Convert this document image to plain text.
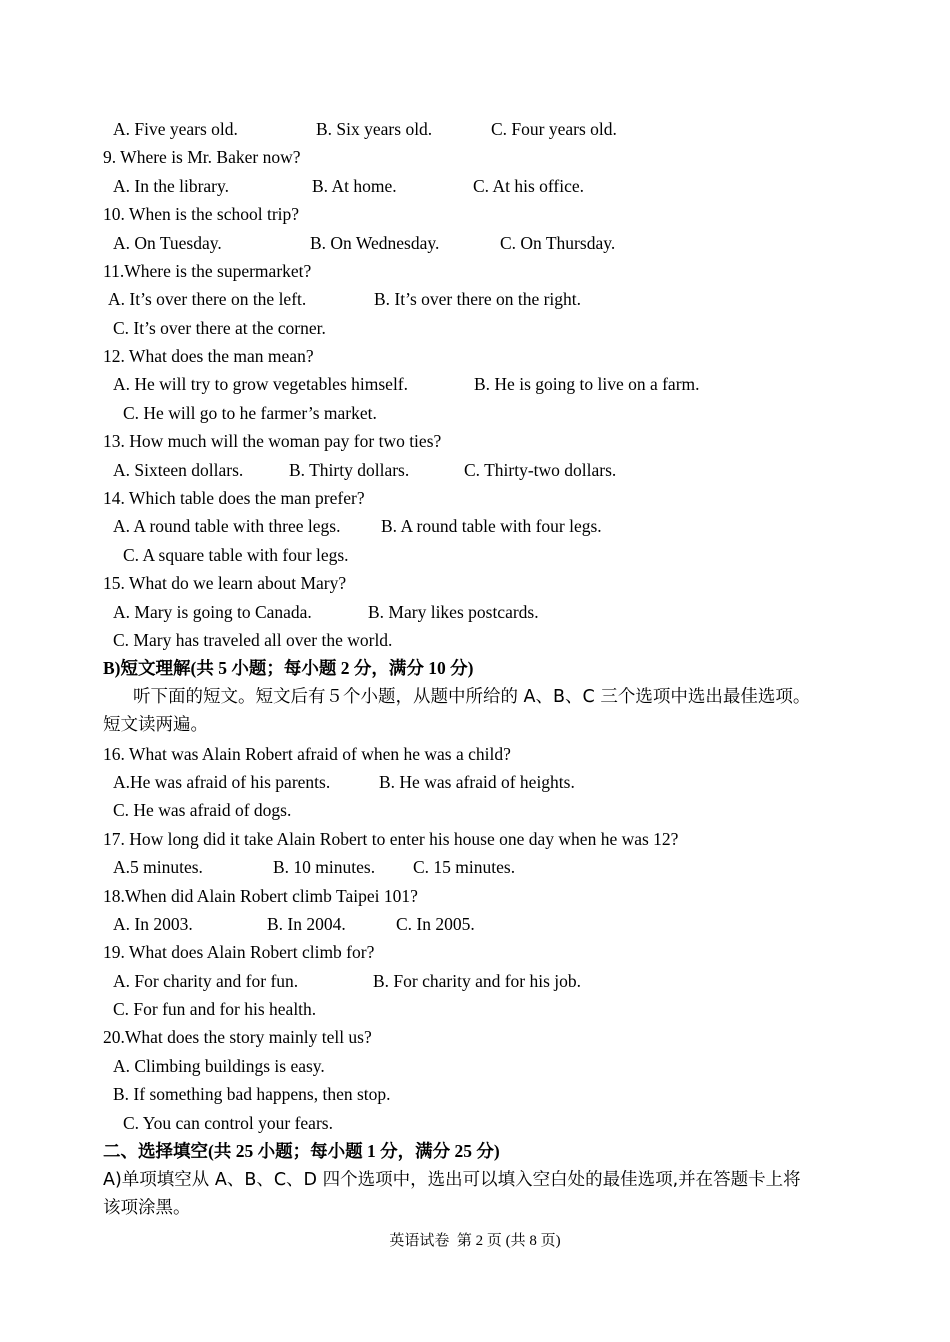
英语试卷  第 2 页 (共 8 页)
A. Five years old.	B. Six years old.	C. Four years old.
9. Where is Mr. Baker now?
A. In the library.	B. At home.	C. At his office.
10. When is the school trip?
A. On Tuesday.	B. On Wednesday.	C. On Thursday.
11.Where is the supermarket?
A. It’s over there on the left.	B. It’s over there on the right.
C. It’s over there at the corner.
12. What does the man mean?
A. He will try to grow vegetables himself.	B. He is going to live on a farm.
C. He will go to he farmer’s market.
13. How much will the woman pay for two ties?
A. Sixteen dollars.	B. Thirty dollars.	C. Thirty-two dollars.
14. Which table does the man prefer?
A. A round table with three legs. B. A round table with four legs.
C. A square table with four legs.
15. What do we learn about Mary?
A. Mary is going to Canada.	B. Mary likes postcards.
C. Mary has traveled all over the world.
B)短文理解(共 5 小题；每小题 2 分，满分 10 分)
听下面的短文。短文后有５个小题，从题中所给的 A、B、C 三个选项中选出最佳选项。
短文读两遍。
16. What was Alain Robert afraid of when he was a child?
A.He was afraid of his parents.	B. He was afraid of heights.
C. He was afraid of dogs.
17. How long did it take Alain Robert to enter his house one day when he was 12?
A.5 minutes.	B. 10 minutes. C. 15 minutes.
18.When did Alain Robert climb Taipei 101?
A. In 2003.	B. In 2004.	C. In 2005.
19. What does Alain Robert climb for?
A. For charity and for fun.	B. For charity and for his job.
C. For fun and for his health.
20.What does the story mainly tell us?
A. Climbing buildings is easy.
B. If something bad happens, then stop.
C. You can control your fears.
二、选择填空(共 25 小题；每小题 1 分，满分 25 分)
A)单项填空从 A、B、C、D 四个选项中，选出可以填入空白处的最佳选项,并在答题卡上将
该项涂黑。
